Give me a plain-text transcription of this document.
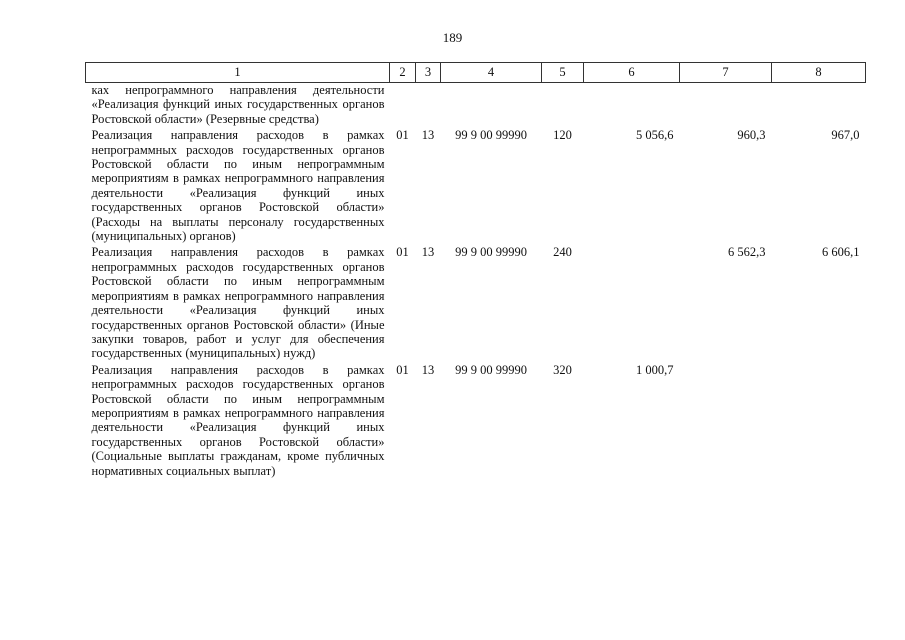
189
1	2	3	4	5	6	7	8
ках непрограммного направления деятельности «Реализация функций иных государственных органов Ростовской области» (Резервные средства)							
Реализация направления расходов в рамках непрограммных расходов государственных органов Ростовской области по иным непрограммным мероприятиям в рамках непрограммного направления деятельности «Реализация функций иных государственных органов Ростовской области» (Расходы на выплаты персоналу государственных (муниципальных) органов)	01	13	99 9 00 99990	120	5 056,6	960,3	967,0
Реализация направления расходов в рамках непрограммных расходов государственных органов Ростовской области по иным непрограммным мероприятиям в рамках непрограммного направления деятельности «Реализация функций иных государственных органов Ростовской области» (Иные закупки товаров, работ и услуг для обеспечения государственных (муниципальных) нужд)	01	13	99 9 00 99990	240		6 562,3	6 606,1
Реализация направления расходов в рамках непрограммных расходов государственных органов Ростовской области по иным непрограммным мероприятиям в рамках непрограммного направления деятельности «Реализация функций иных государственных органов Ростовской области» (Социальные выплаты гражданам, кроме публичных нормативных социальных выплат)	01	13	99 9 00 99990	320	1 000,7		
